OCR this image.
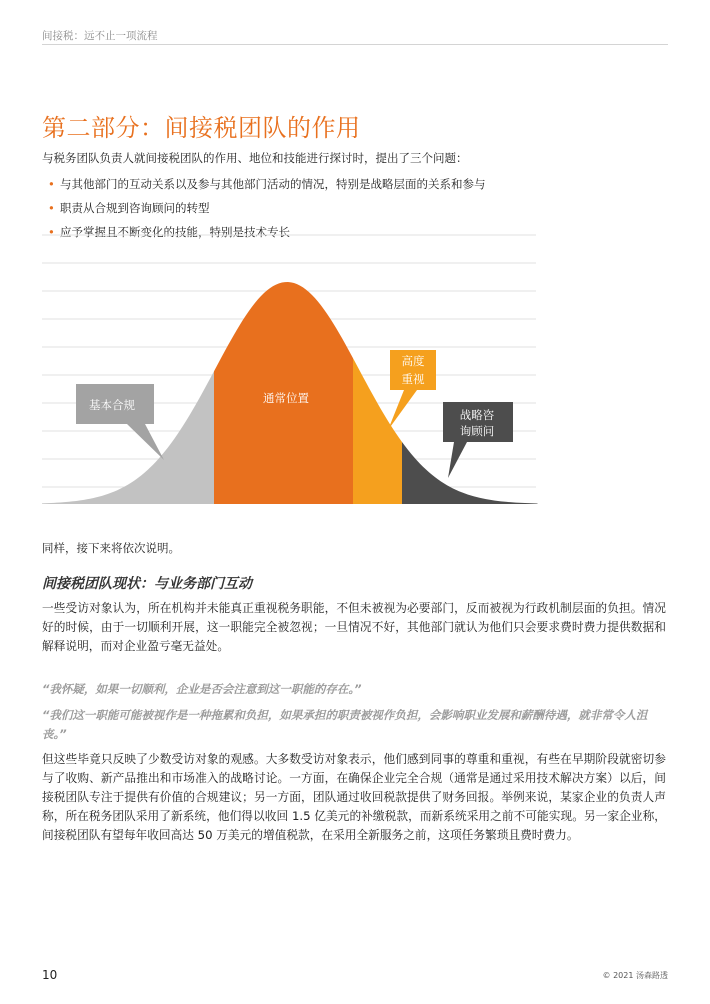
间接税：远不止一项流程
第二部分：间接税团队的作用
与税务团队负责人就间接税团队的作用、地位和技能进行探讨时，提出了三个问题：
• 与其他部门的互动关系以及参与其他部门活动的情况，特别是战略层面的关系和参与
• 职责从合规到咨询顾问的转型
• 应予掌握且不断变化的技能，特别是技术专长
基本合规	通常位置
高度
重视
战略咨
询顾问
同样，接下来将依次说明。
间接税团队现状：与业务部门互动

一些受访对象认为，所在机构并未能真正重视税务职能，不但未被视为必要部门，反而被视为行政机制层面的负担。情况好的时候，由于一切顺利开展，这一职能完全被忽视；一旦情况不好，其他部门就认为他们只会要求费时费力提供数据和解释说明，而对企业盈亏毫无益处。

“我怀疑，如果一切顺利，企业是否会注意到这一职能的存在。”

“我们这一职能可能被视作是一种拖累和负担，如果承担的职责被视作负担，会影响职业发展和薪酬待遇，就非常令人沮丧。”

但这些毕竟只反映了少数受访对象的观感。大多数受访对象表示，他们感到同事的尊重和重视，有些在早期阶段就密切参与了收购、新产品推出和市场准入的战略讨论。一方面，在确保企业完全合规（通常是通过采用技术解决方案）以后，间接税团队专注于提供有价值的合规建议；另一方面，团队通过收回税款提供了财务回报。举例来说，某家企业的负责人声称，所在税务团队采用了新系统，他们得以收回 1.5 亿美元的补缴税款，而新系统采用之前不可能实现。另一家企业称，间接税团队有望每年收回高达 50 万美元的增值税款，在采用全新服务之前，这项任务繁琐且费时费力。

10	© 2021 汤森路透
